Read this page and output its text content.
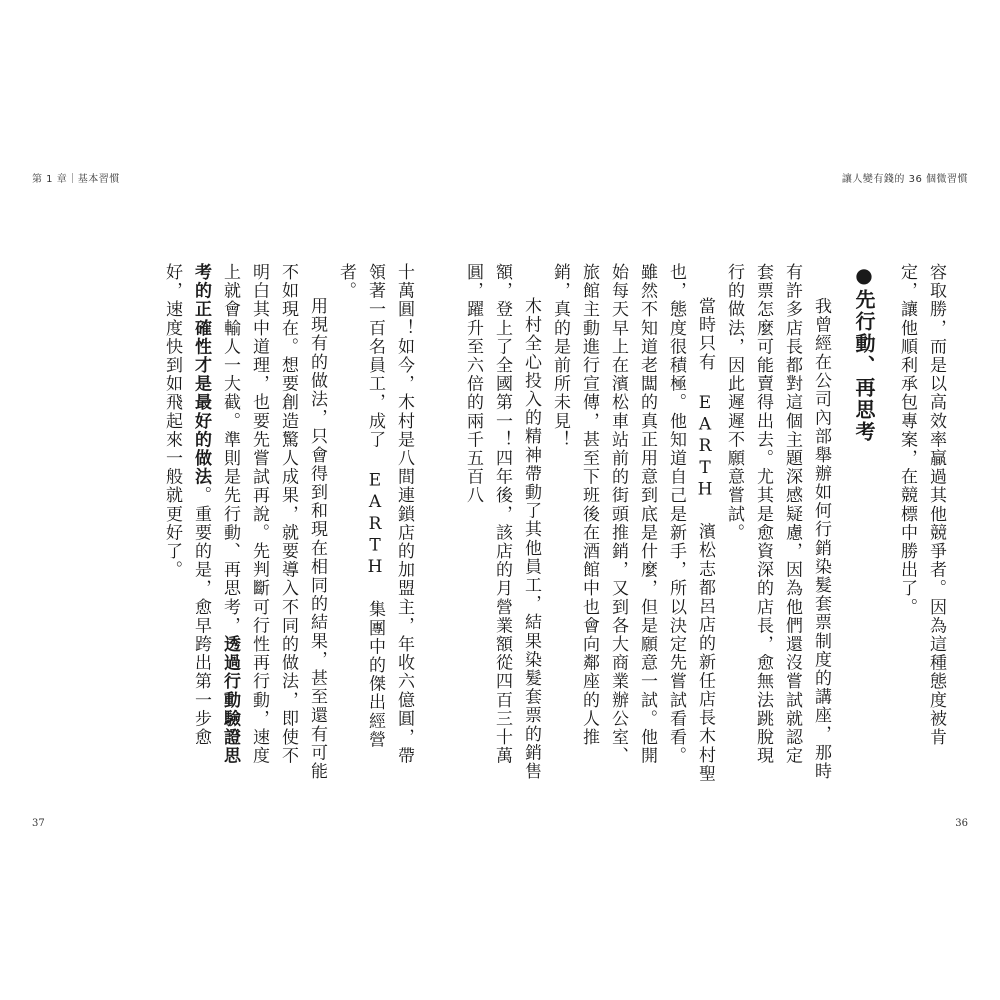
第 1 章｜基本習慣	讓人變有錢的 36 個微習慣

容取勝，而是以高效率贏過其他競爭者。因為這種態度被肯定，讓他順利承包專案，在競標中勝出了。

●先行動、再思考

我曾經在公司內部舉辦如何行銷染髮套票制度的講座，那時有許多店長都對這個主題深感疑慮，因為他們還沒嘗試就認定套票怎麼可能賣得出去。尤其是愈資深的店長，愈無法跳脫現行的做法，因此遲遲不願意嘗試。

當時只有 EARTH 濱松志都呂店的新任店長木村聖也，態度很積極。他知道自己是新手，所以決定先嘗試看看。雖然不知道老闆的真正用意到底是什麼，但是願意一試。他開始每天早上在濱松車站前的街頭推銷，又到各大商業辦公室、旅館主動進行宣傳，甚至下班後在酒館中也會向鄰座的人推銷，真的是前所未見！

木村全心投入的精神帶動了其他員工，結果染髮套票的銷售額，登上了全國第一！四年後，該店的月營業額從四百三十萬圓，躍升至六倍的兩千五百八

十萬圓！如今，木村是八間連鎖店的加盟主，年收六億圓，帶領著一百名員工，成了 EARTH 集團中的傑出經營者。

用現有的做法，只會得到和現在相同的結果，甚至還有可能不如現在。想要創造驚人成果，就要導入不同的做法，即使不明白其中道理，也要先嘗試再說。先判斷可行性再行動，速度上就會輸人一大截。準則是先行動、再思考，透過行動驗證思考的正確性才是最好的做法。重要的是，愈早跨出第一步愈好，速度快到如飛起來一般就更好了。

37	36
